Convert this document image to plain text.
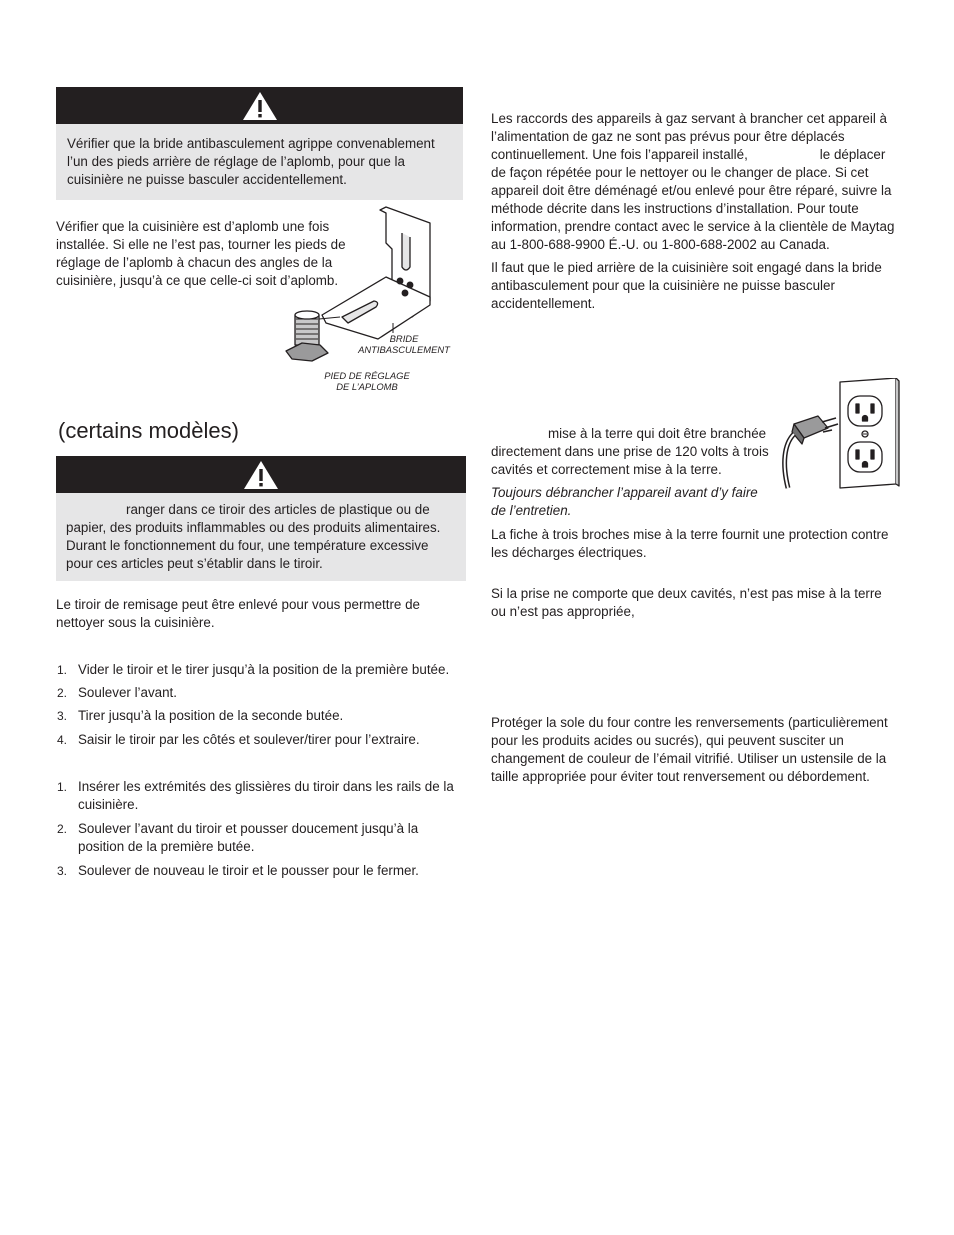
Vérifier que la bride antibasculement agrippe convenablement l’un des pieds arrière de réglage de l’aplomb, pour que la cuisinière ne puisse basculer accidentellement.

Vérifier que la cuisinière est d’aplomb une fois installée. Si elle ne l’est pas, tourner les pieds de réglage de l’aplomb à chacun des angles de la cuisinière, jusqu’à ce que celle-ci soit d’aplomb.

BRIDE
ANTIBASCULEMENT
PIED DE RÉGLAGE
DE L’APLOMB
(certains modèles)

ranger dans ce tiroir des articles de plastique ou de papier, des produits inflammables ou des produits alimentaires. Durant le fonctionnement du four, une température excessive pour ces articles peut s’établir dans le tiroir.

Le tiroir de remisage peut être enlevé pour vous permettre de nettoyer sous la cuisinière.

1. Vider le tiroir et le tirer jusqu’à la position de la première butée.
2. Soulever l’avant.
3. Tirer jusqu’à la position de la seconde butée.
4. Saisir le tiroir par les côtés et soulever/tirer pour l’extraire.
1. Insérer les extrémités des glissières du tiroir dans les rails de la cuisinière.
2. Soulever l’avant du tiroir et pousser doucement jusqu’à la position de la première butée.
3. Soulever de nouveau le tiroir et le pousser pour le fermer.

Les raccords des appareils à gaz servant à brancher cet appareil à l’alimentation de gaz ne sont pas prévus pour être déplacés continuellement. Une fois l’appareil installé,	le déplacer de façon répétée pour le nettoyer ou le changer de place. Si cet appareil doit être déménagé et/ou enlevé pour être réparé, suivre la méthode décrite dans les instructions d’installation. Pour toute information, prendre contact avec le service à la clientèle de Maytag au 1-800-688-9900 É.-U. ou 1-800-688-2002 au Canada.

Il faut que le pied arrière de la cuisinière soit engagé dans la bride antibasculement pour que la cuisinière ne puisse basculer accidentellement.

mise à la terre qui doit être branchée directement dans une prise de 120 volts à trois cavités et correctement mise à la terre.

Toujours débrancher l’appareil avant d’y faire de l’entretien.

La fiche à trois broches mise à la terre fournit une protection contre les décharges électriques.

Si la prise ne comporte que deux cavités, n’est pas mise à la terre ou n’est pas appropriée,

Protéger la sole du four contre les renversements (particulièrement pour les produits acides ou sucrés), qui peuvent susciter un changement de couleur de l’émail vitrifié. Utiliser un ustensile de la taille appropriée pour éviter tout renversement ou débordement.
